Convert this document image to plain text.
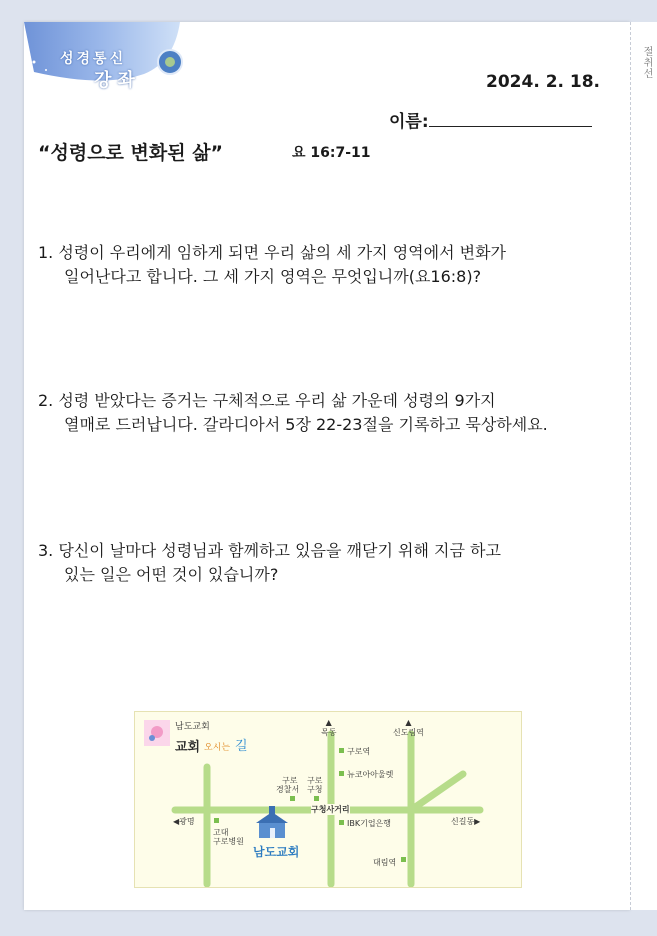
절취선
성경통신
강좌	2024. 2. 18.
이름:
“성령으로 변화된 삶”	요 16:7-11
1. 성령이 우리에게 임하게 되면 우리 삶의 세 가지 영역에서 변화가
일어난다고 합니다. 그 세 가지 영역은 무엇입니까(요16:8)?
2. 성령 받았다는 증거는 구체적으로 우리 삶 가운데 성령의 9가지
열매로 드러납니다. 갈라디아서 5장 22-23절을 기록하고 묵상하세요.
3. 당신이 날마다 성령님과 함께하고 있음을 깨닫기 위해 지금 하고
있는 일은 어떤 것이 있습니까?
남도교회
교회 오시는 길
▲
목동
▲
신도림역
구로역
뉴코아아울렛
구로
경찰서
구로
구청
◀광명
구청사거리
IBK기업은행	신길동▶
고대
구로병원
대림역
남도교회
